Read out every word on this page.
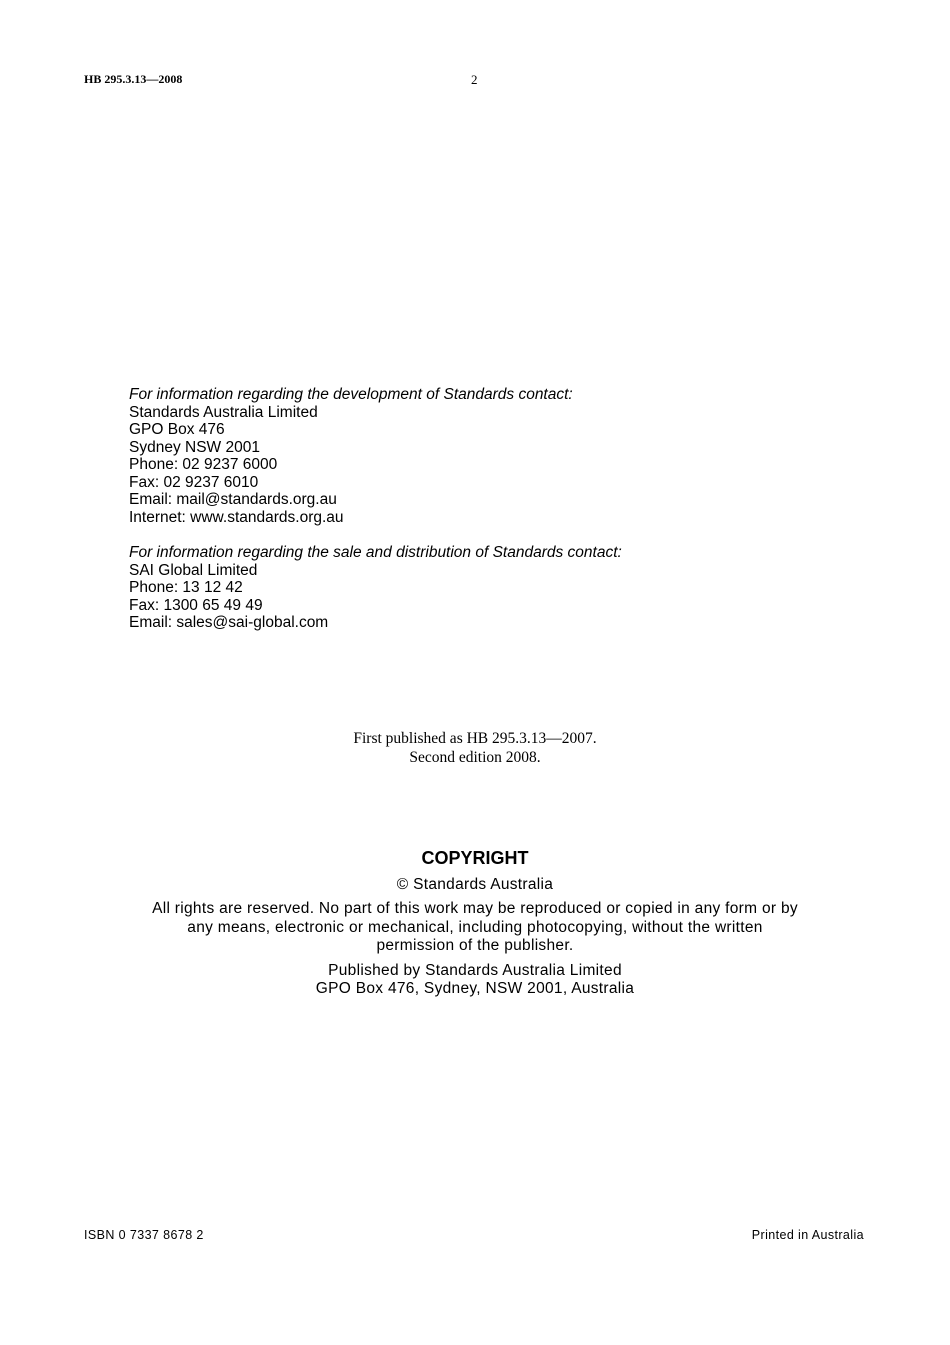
HB 295.3.13—2008	2
For information regarding the development of Standards contact:
Standards Australia Limited
GPO Box 476
Sydney NSW 2001
Phone: 02 9237 6000
Fax: 02 9237 6010
Email: mail@standards.org.au
Internet: www.standards.org.au
For information regarding the sale and distribution of Standards contact:
SAI Global Limited
Phone: 13 12 42
Fax: 1300 65 49 49
Email: sales@sai-global.com
First published as HB 295.3.13—2007.
Second edition 2008.
COPYRIGHT
© Standards Australia
All rights are reserved. No part of this work may be reproduced or copied in any form or by
any means, electronic or mechanical, including photocopying, without the written
permission of the publisher.
Published by Standards Australia Limited
GPO Box 476, Sydney, NSW 2001, Australia
ISBN 0 7337 8678 2	Printed in Australia
